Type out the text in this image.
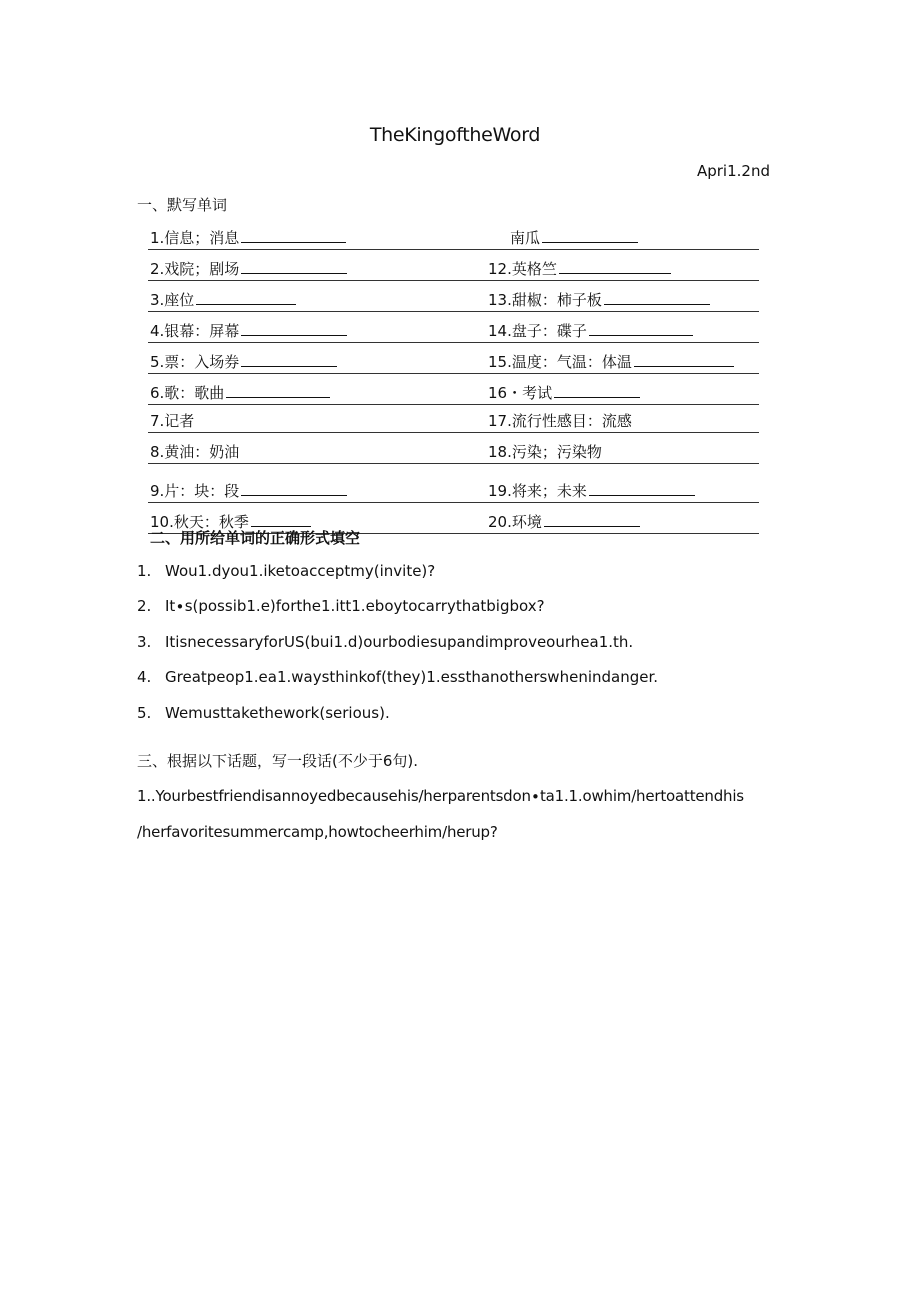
TheKingoftheWord
Apri1.2nd
一、默写单词
1.信息；消息	南瓜
2.戏院；剧场	12.英格竺
3.座位	13.甜椒：柿子板
4.银幕：屏幕	14.盘子：碟子
5.票：入场券	15.温度：气温：体温
6.歌：歌曲	16・考试
7.记者	17.流行性感目：流感
8.黄油：奶油	18.污染；污染物
9.片：块：段	19.将来；未来
10.秋天：秋季	20.环境
二、用所给单词的正确形式填空
1. Wou1.dyou1.iketoacceptmy(invite)?
2. It∙s(possib1.e)forthe1.itt1.eboytocarrythatbigbox?
3. ItisnecessaryforUS(bui1.d)ourbodiesupandimproveourhea1.th.
4. Greatpeop1.ea1.waysthinkof(they)1.essthanotherswhenindanger.
5. Wemusttakethework(serious).
三、根据以下话题，写一段话(不少于6句).
1..Yourbestfriendisannoyedbecausehis/herparentsdon∙ta1.1.owhim/hertoattendhis
/herfavoritesummercamp,howtocheerhim/herup?
